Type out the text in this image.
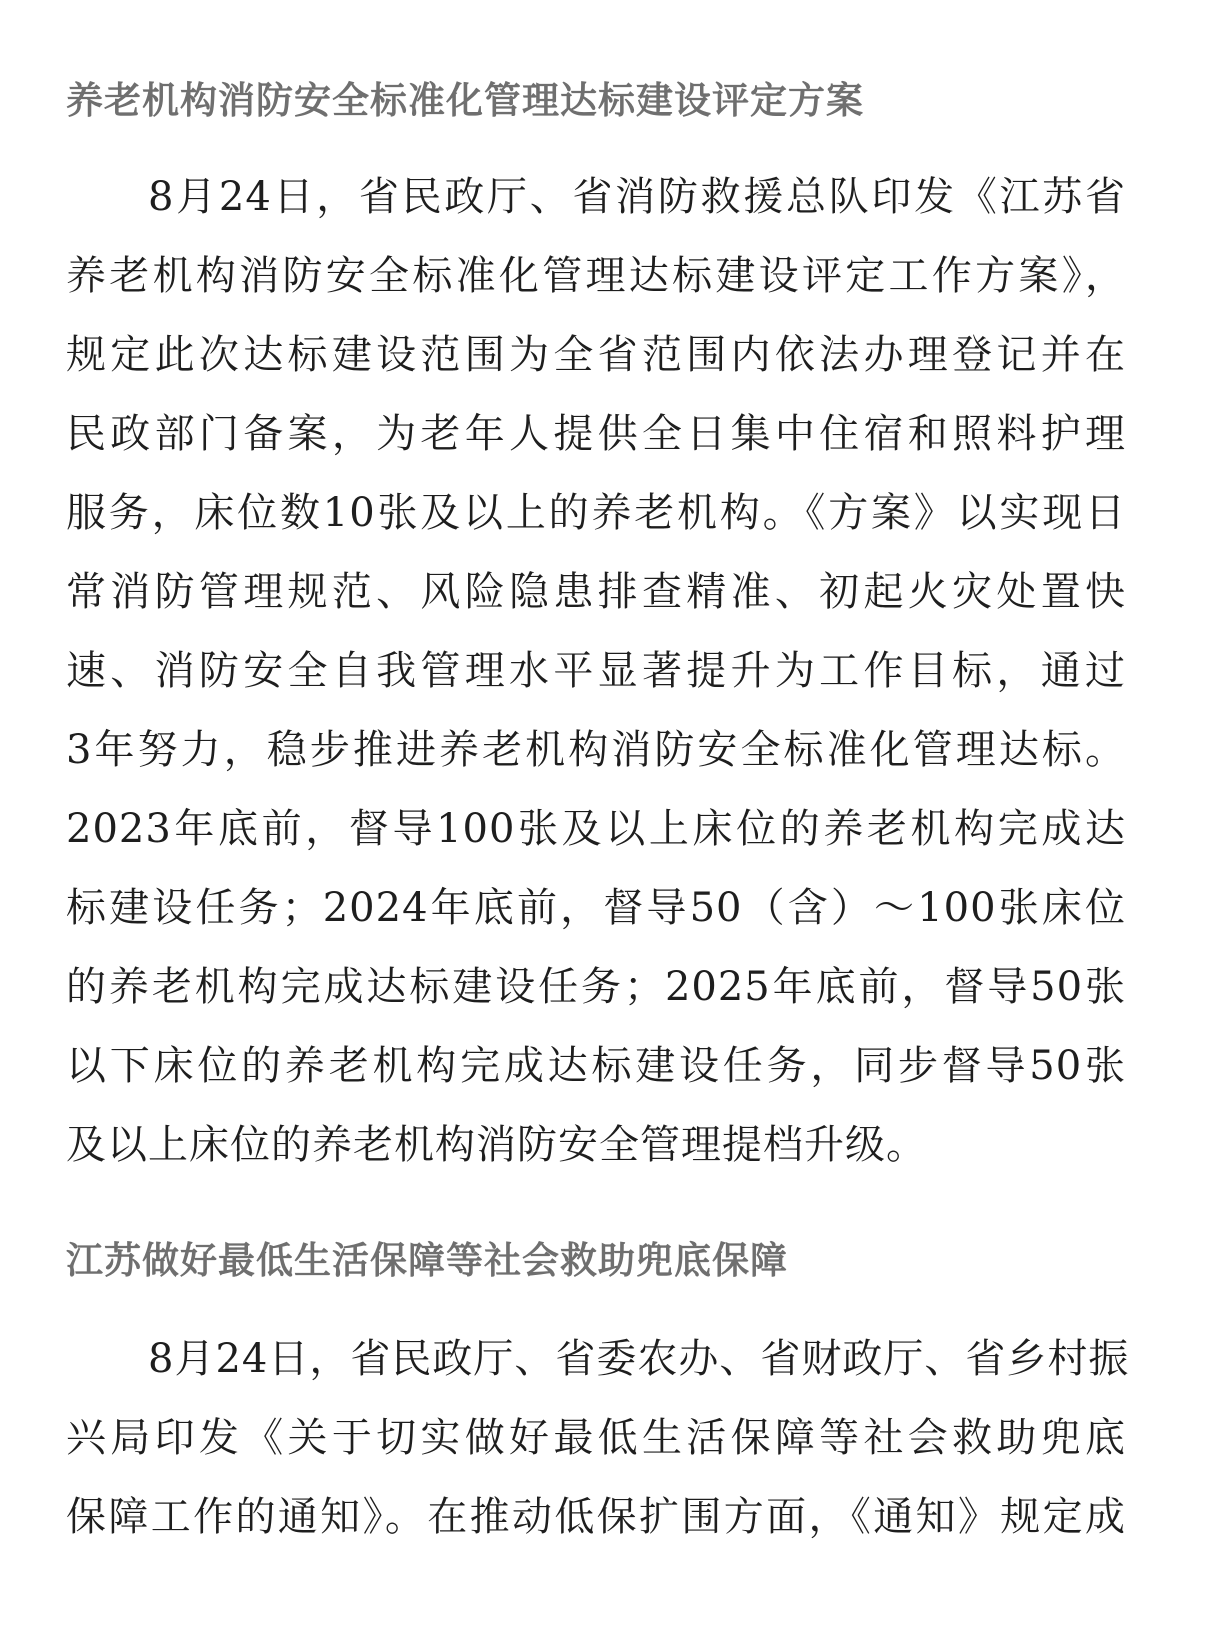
养老机构消防安全标准化管理达标建设评定方案
8月24日，省民政厅、省消防救援总队印发《江苏省
养老机构消防安全标准化管理达标建设评定工作方案》，
规定此次达标建设范围为全省范围内依法办理登记并在
民政部门备案，为老年人提供全日集中住宿和照料护理
服务，床位数10张及以上的养老机构。《方案》以实现日
常消防管理规范、风险隐患排查精准、初起火灾处置快
速、消防安全自我管理水平显著提升为工作目标，通过
3年努力，稳步推进养老机构消防安全标准化管理达标。
2023年底前，督导100张及以上床位的养老机构完成达
标建设任务；2024年底前，督导50（含）～100张床位
的养老机构完成达标建设任务；2025年底前，督导50张
以下床位的养老机构完成达标建设任务，同步督导50张
及以上床位的养老机构消防安全管理提档升级。
江苏做好最低生活保障等社会救助兜底保障
8月24日，省民政厅、省委农办、省财政厅、省乡村振
兴局印发《关于切实做好最低生活保障等社会救助兜底
保障工作的通知》。在推动低保扩围方面，《通知》规定成
